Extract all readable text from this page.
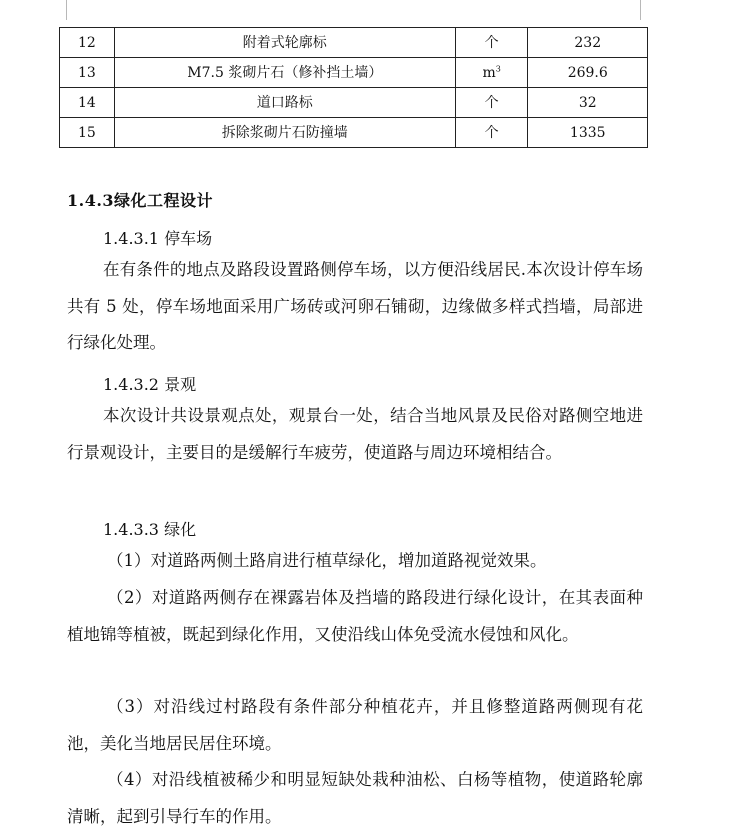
12	附着式轮廓标	个	232
13	M7.5 浆砌片石（修补挡土墙）	$m^3$	269.6
14	道口路标	个	32
15	拆除浆砌片石防撞墙	个	1335
1.4.3绿化工程设计
1.4.3.1 停车场
在有条件的地点及路段设置路侧停车场，以方便沿线居民.本次设计停车场共有 5 处，停车场地面采用广场砖或河卵石铺砌，边缘做多样式挡墙，局部进行绿化处理。
1.4.3.2 景观
本次设计共设景观点处，观景台一处，结合当地风景及民俗对路侧空地进行景观设计，主要目的是缓解行车疲劳，使道路与周边环境相结合。
1.4.3.3 绿化
（1）对道路两侧土路肩进行植草绿化，增加道路视觉效果。
（2）对道路两侧存在裸露岩体及挡墙的路段进行绿化设计，在其表面种植地锦等植被，既起到绿化作用，又使沿线山体免受流水侵蚀和风化。
（3）对沿线过村路段有条件部分种植花卉，并且修整道路两侧现有花池，美化当地居民居住环境。
（4）对沿线植被稀少和明显短缺处栽种油松、白杨等植物，使道路轮廓清晰，起到引导行车的作用。
